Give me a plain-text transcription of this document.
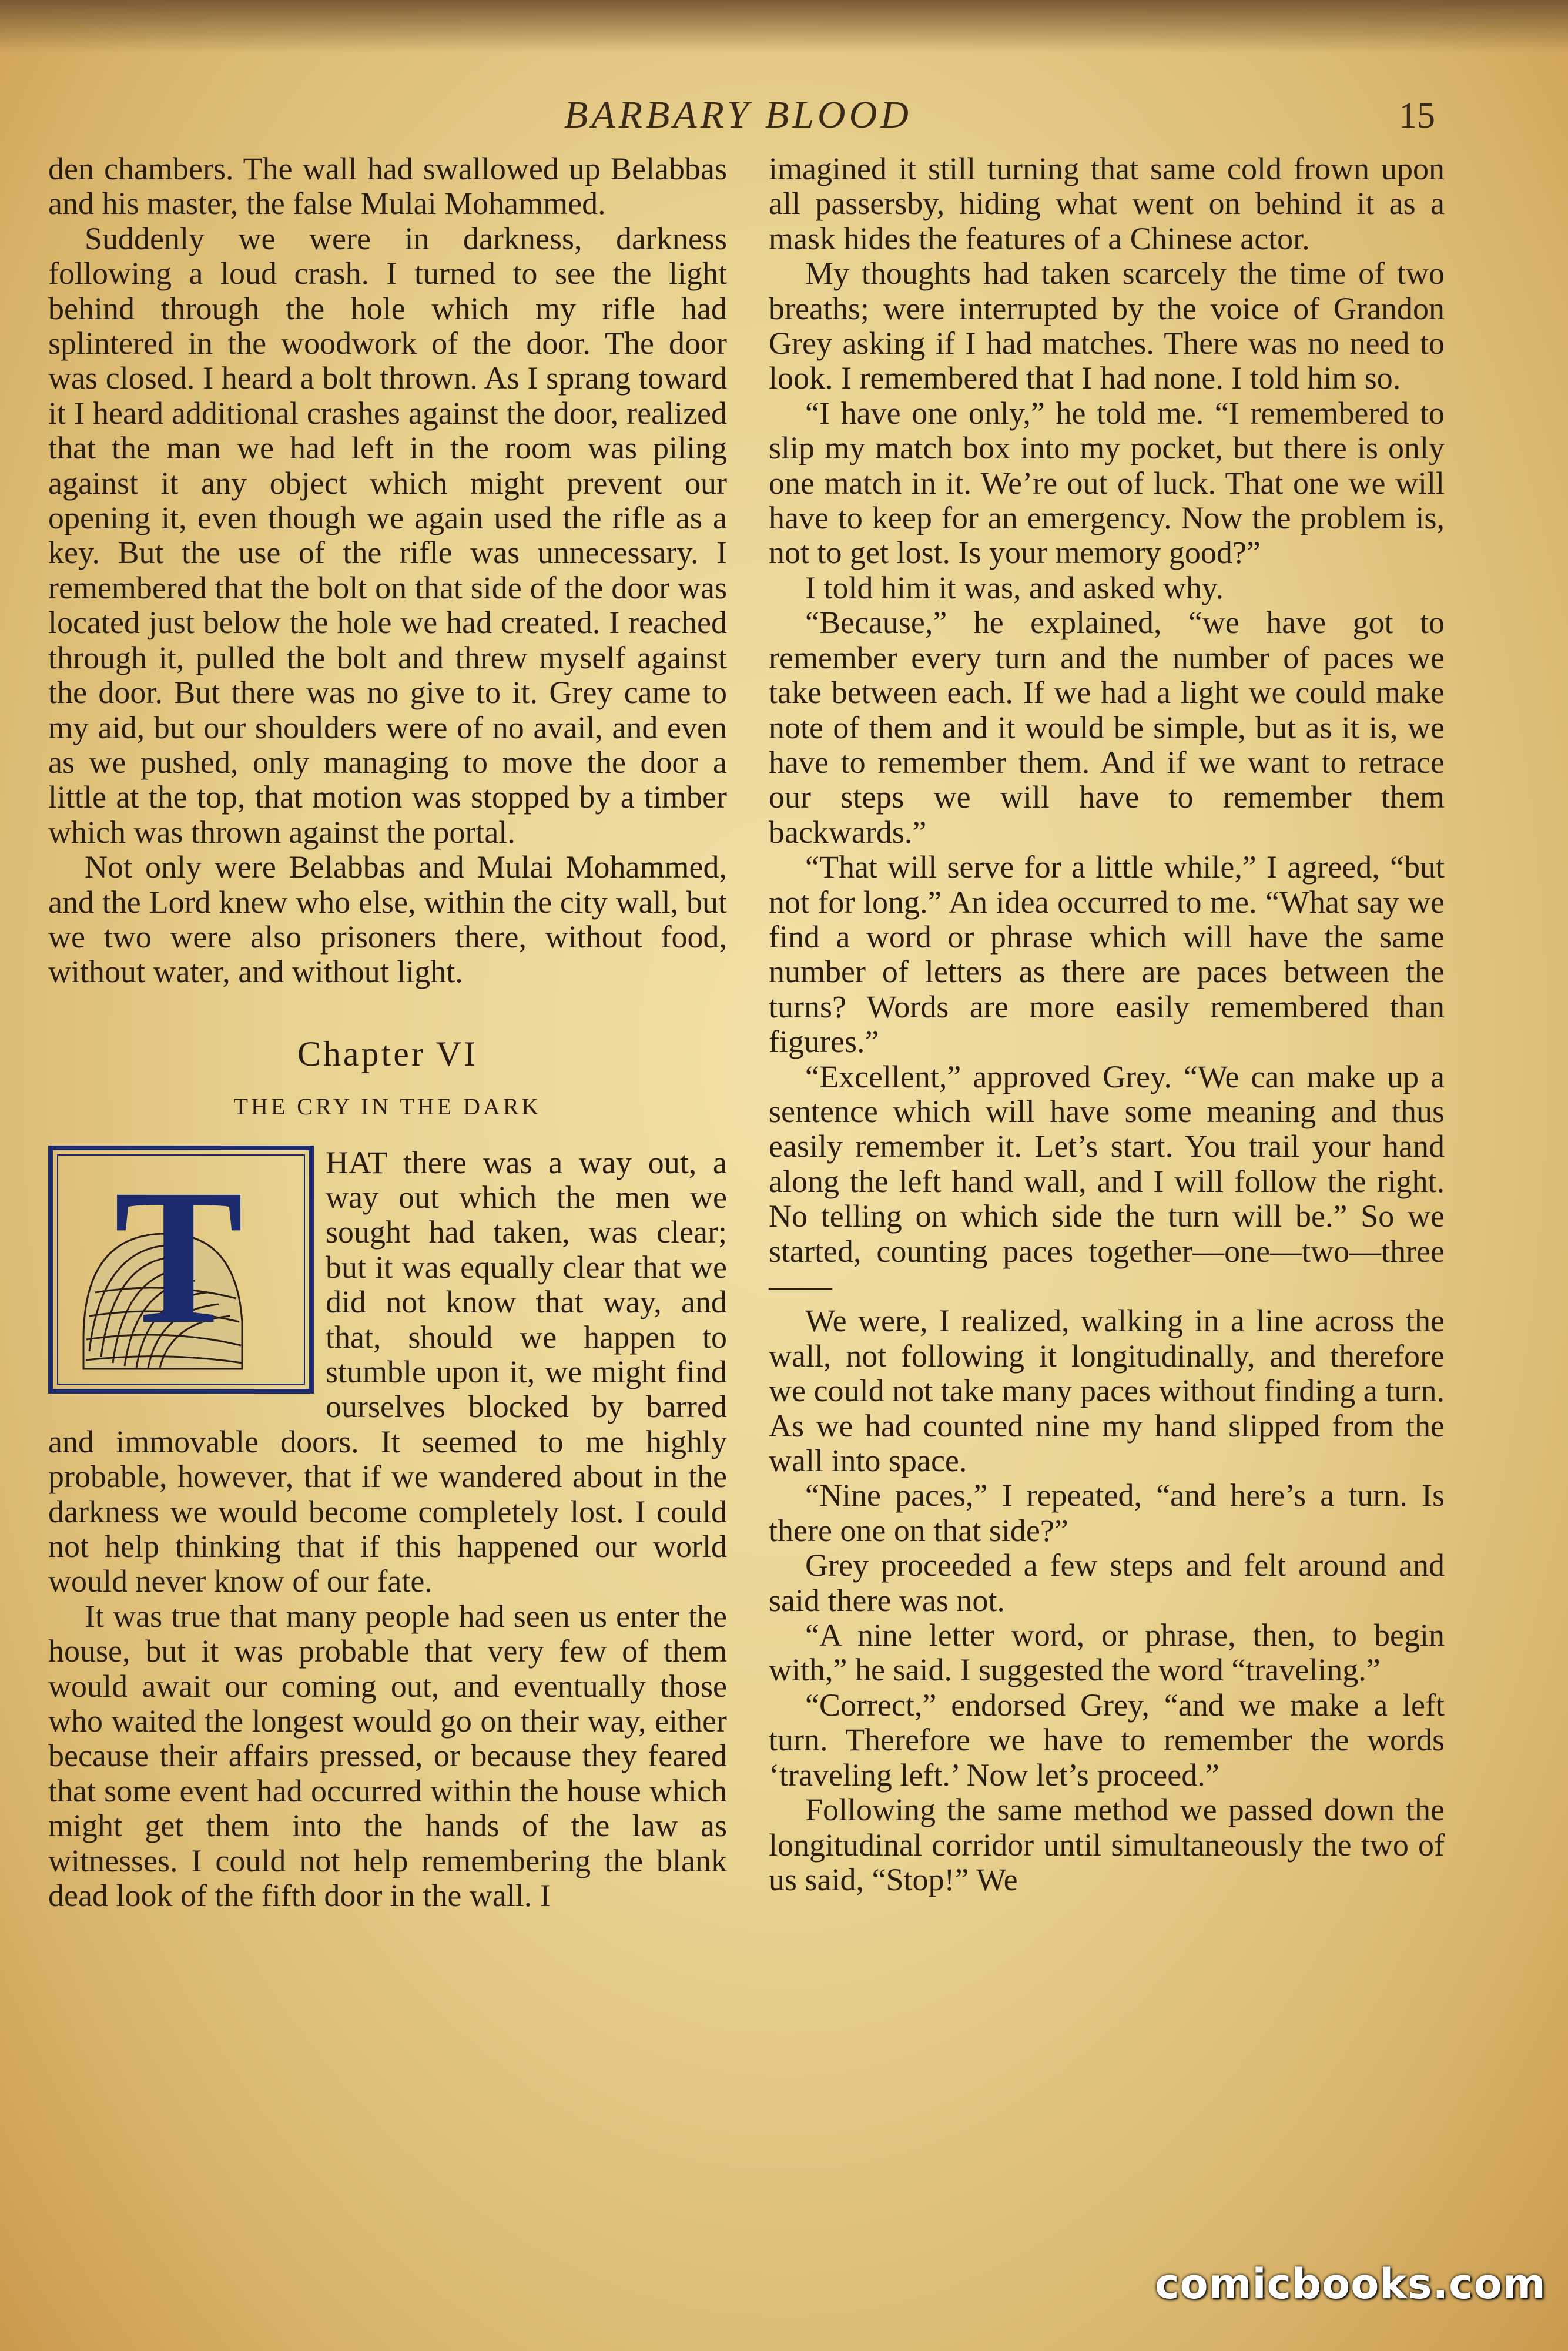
BARBARY BLOOD	15

den chambers. The wall had swallowed up Belabbas and his master, the false Mulai Mohammed.

Suddenly we were in darkness, darkness following a loud crash. I turned to see the light behind through the hole which my rifle had splintered in the woodwork of the door. The door was closed. I heard a bolt thrown. As I sprang toward it I heard additional crashes against the door, realized that the man we had left in the room was piling against it any object which might prevent our opening it, even though we again used the rifle as a key. But the use of the rifle was unnecessary. I remembered that the bolt on that side of the door was located just below the hole we had created. I reached through it, pulled the bolt and threw myself against the door. But there was no give to it. Grey came to my aid, but our shoulders were of no avail, and even as we pushed, only managing to move the door a little at the top, that motion was stopped by a timber which was thrown against the portal.

Not only were Belabbas and Mulai Mohammed, and the Lord knew who else, within the city wall, but we two were also prisoners there, without food, without water, and without light.

Chapter VI
THE CRY IN THE DARK
T	HAT there was a way out, a way out which the men we sought had taken, was clear; but it was equally clear that we did not know that way, and that, should we happen to stumble upon it, we might find ourselves blocked by barred and immovable doors. It seemed to me highly probable, however, that if we wandered about in the darkness we would become completely lost. I could not help thinking that if this happened our world would never know of our fate.

It was true that many people had seen us enter the house, but it was probable that very few of them would await our coming out, and eventually those who waited the longest would go on their way, either because their affairs pressed, or because they feared that some event had occurred within the house which might get them into the hands of the law as witnesses. I could not help remembering the blank dead look of the fifth door in the wall. I

imagined it still turning that same cold frown upon all passersby, hiding what went on behind it as a mask hides the features of a Chinese actor.

My thoughts had taken scarcely the time of two breaths; were interrupted by the voice of Grandon Grey asking if I had matches. There was no need to look. I remembered that I had none. I told him so.

“I have one only,” he told me. “I remembered to slip my match box into my pocket, but there is only one match in it. We’re out of luck. That one we will have to keep for an emergency. Now the problem is, not to get lost. Is your memory good?”

I told him it was, and asked why.

“Because,” he explained, “we have got to remember every turn and the number of paces we take between each. If we had a light we could make note of them and it would be simple, but as it is, we have to remember them. And if we want to retrace our steps we will have to remember them backwards.”

“That will serve for a little while,” I agreed, “but not for long.” An idea occurred to me. “What say we find a word or phrase which will have the same number of letters as there are paces between the turns? Words are more easily remembered than figures.”

“Excellent,” approved Grey. “We can make up a sentence which will have some meaning and thus easily remember it. Let’s start. You trail your hand along the left hand wall, and I will follow the right. No telling on which side the turn will be.” So we started, counting paces together—one—two—three——

We were, I realized, walking in a line across the wall, not following it longitudinally, and therefore we could not take many paces without finding a turn. As we had counted nine my hand slipped from the wall into space.

“Nine paces,” I repeated, “and here’s a turn. Is there one on that side?”

Grey proceeded a few steps and felt around and said there was not.

“A nine letter word, or phrase, then, to begin with,” he said. I suggested the word “traveling.”

“Correct,” endorsed Grey, “and we make a left turn. Therefore we have to remember the words ‘traveling left.’ Now let’s proceed.”

Following the same method we passed down the longitudinal corridor until simultaneously the two of us said, “Stop!” We

comicbooks.com
